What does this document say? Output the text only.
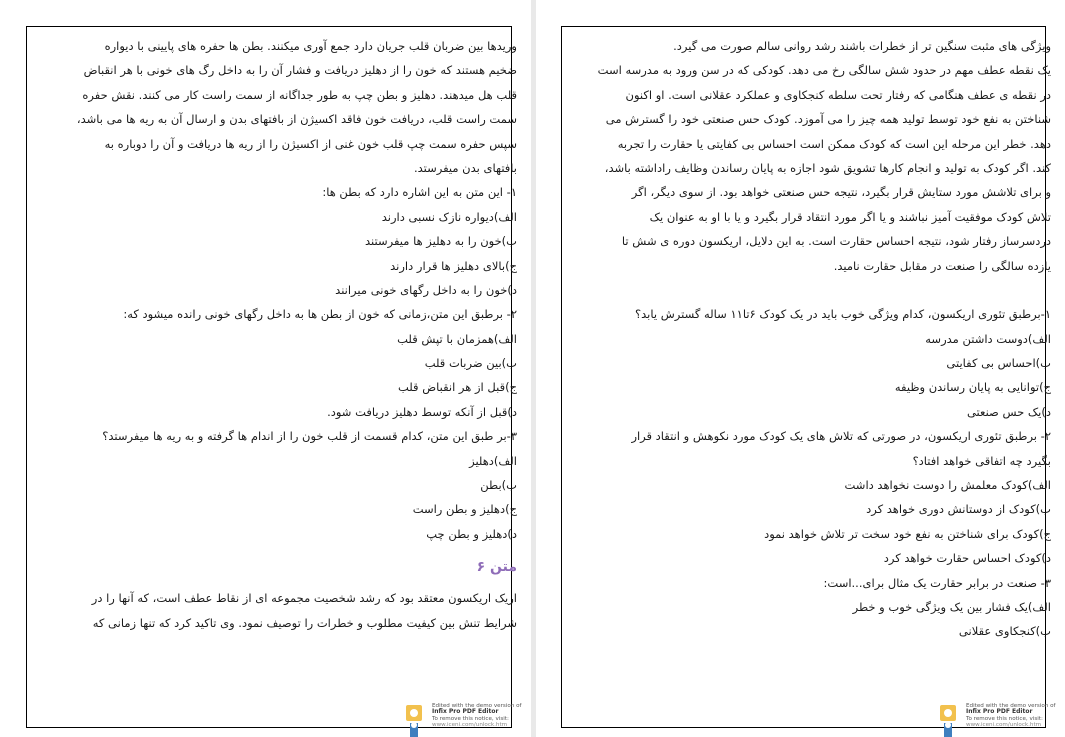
وریدها بین ضربان قلب جریان دارد جمع آوری میکنند. بطن ها حفره های پایینی با دیواره
ضخیم هستند که خون را از دهلیز دریافت و فشار آن را به داخل رگ های خونی با هر انقباض
قلب هل میدهند. دهلیز و بطن چپ به طور جداگانه از سمت راست کار می کنند. نقش حفره
سمت راست قلب، دریافت خون فاقد اکسیژن از بافتهای بدن و ارسال آن به ریه ها می باشد،
سپس حفره سمت چپ قلب خون غنی از اکسیژن را از ریه ها دریافت و آن را دوباره به
بافتهای بدن میفرستد.
۱- این متن به این اشاره دارد که بطن ها:
الف)دیواره نازک نسبی دارند
ب)خون را به دهلیز ها میفرستند
ج)بالای دهلیز ها قرار دارند
د)خون را به داخل رگهای خونی میرانند
۲- برطبق این متن،زمانی که خون از بطن ها به داخل رگهای خونی رانده میشود که:
الف)همزمان با تپش قلب
ب)بین ضربات قلب
ج)قبل از هر انقباض قلب
د)قبل از آنکه توسط دهلیز دریافت شود.
۳-بر طبق این متن، کدام قسمت از قلب خون را از اندام ها گرفته و به ریه ها میفرستد؟
الف)دهلیز
ب)بطن
ج)دهلیز و بطن راست
د)دهلیز و بطن چپ
متن ۶
اریک اریکسون معتقد بود که رشد شخصیت مجموعه ای از نقاط عطف است، که آنها را در
شرایط تنش بین کیفیت مطلوب و خطرات را توصیف نمود. وی تاکید کرد که تنها زمانی که
Edited with the demo version of
Infix Pro PDF Editor
To remove this notice, visit:
www.iceni.com/unlock.htm
ویژگی های مثبت سنگین تر از خطرات باشند رشد روانی سالم صورت می گیرد.
یک نقطه عطف مهم در حدود شش سالگی رخ می دهد. کودکی که در سن ورود به مدرسه است
در نقطه ی عطف هنگامی که رفتار تحت سلطه کنجکاوی و عملکرد عقلانی است. او اکنون
شناختن به نفع خود توسط تولید همه چیز را می آموزد. کودک حس صنعتی خود را گسترش می
دهد. خطر این مرحله این است که کودک ممکن است احساس بی کفایتی یا حقارت را تجربه
کند. اگر کودک به تولید و انجام کارها تشویق شود اجازه به پایان رساندن وظایف راداشته باشد،
و برای تلاشش مورد ستایش قرار بگیرد، نتیجه حس صنعتی خواهد بود. از سوی دیگر، اگر
تلاش کودک موفقیت آمیز نباشند و یا اگر مورد انتقاد قرار بگیرد و یا با او به عنوان یک
دردسرساز رفتار شود، نتیجه احساس حقارت است. به این دلایل، اریکسون دوره ی شش تا
یازده سالگی را صنعت در مقابل حقارت نامید.
۱-برطبق تئوری اریکسون، کدام ویژگی خوب باید در یک کودک ۶تا۱۱ ساله گسترش یابد؟
الف)دوست داشتن مدرسه
ب)احساس بی کفایتی
ج)توانایی به پایان رساندن وظیفه
د)یک حس صنعتی
۲- برطبق تئوری اریکسون، در صورتی که تلاش های یک کودک مورد نکوهش و انتقاد قرار
بگیرد چه اتفاقی خواهد افتاد؟
الف)کودک معلمش را دوست نخواهد داشت
ب)کودک از دوستانش دوری خواهد کرد
ج)کودک برای شناختن به نفع خود سخت تر تلاش خواهد نمود
د)کودک احساس حقارت خواهد کرد
۳- صنعت در برابر حقارت یک مثال برای...است:
الف)یک فشار بین یک ویژگی خوب و خطر
ب)کنجکاوی عقلانی
Edited with the demo version of
Infix Pro PDF Editor
To remove this notice, visit:
www.iceni.com/unlock.htm
